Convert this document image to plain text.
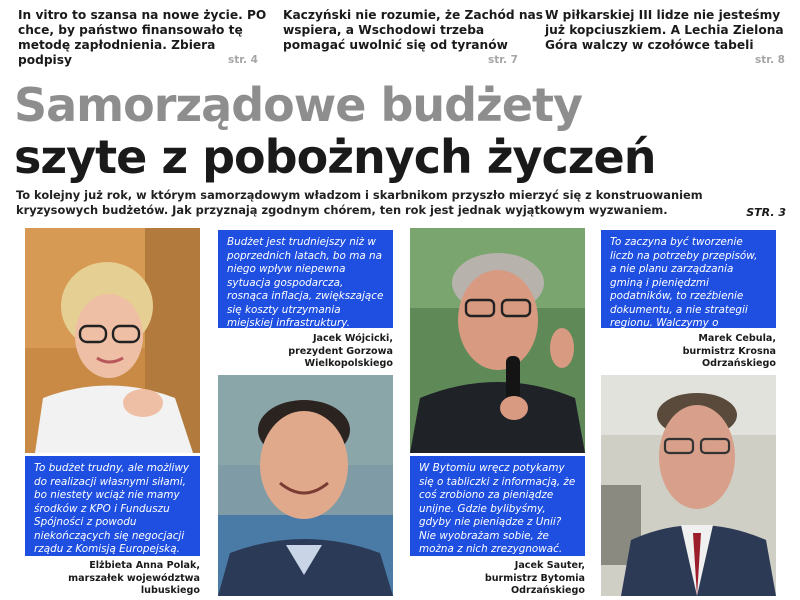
In vitro to szansa na nowe życie. PO chce, by państwo finansowało tę metodę zapłodnienia. Zbiera podpisy	str. 4
Kaczyński nie rozumie, że Zachód nas wspiera, a Wschodowi trzeba pomagać uwolnić się od tyranów
str. 7
W piłkarskiej III lidze nie jesteśmy już kopciuszkiem. A Lechia Zielona Góra walczy w czołówce tabeli
str. 8
Samorządowe budżety
szyte z pobożnych życzeń
To kolejny już rok, w którym samorządowym władzom i skarbnikom przyszło mierzyć się z konstruowaniem kryzysowych budżetów. Jak przyznają zgodnym chórem, ten rok jest jednak wyjątkowym wyzwaniem.	STR. 3
To budżet trudny, ale możliwy do realizacji własnymi siłami, bo niestety wciąż nie mamy środków z KPO i Funduszu Spójności z powodu niekończących się negocjacji rządu z Komisją Europejską.
Elżbieta Anna Polak,
marszałek województwa
lubuskiego
Budżet jest trudniejszy niż w poprzednich latach, bo ma na niego wpływ niepewna sytuacja gospodarcza, rosnąca inflacja, zwiększające się koszty utrzymania miejskiej infrastruktury.
Jacek Wójcicki,
prezydent Gorzowa
Wielkopolskiego
W Bytomiu wręcz potykamy się o tabliczki z informacją, że coś zrobiono za pieniądze unijne. Gdzie bylibyśmy, gdyby nie pieniądze z Unii? Nie wyobrażam sobie, że można z nich zrezygnować.
Jacek Sauter,
burmistrz Bytomia
Odrzańskiego
To zaczyna być tworzenie liczb na potrzeby przepisów, a nie planu zarządzania gminą i pieniędzmi podatników, to rzeźbienie dokumentu, a nie strategii regionu. Walczymy o przetrwanie.	Marek Cebula,
burmistrz Krosna
Odrzańskiego
